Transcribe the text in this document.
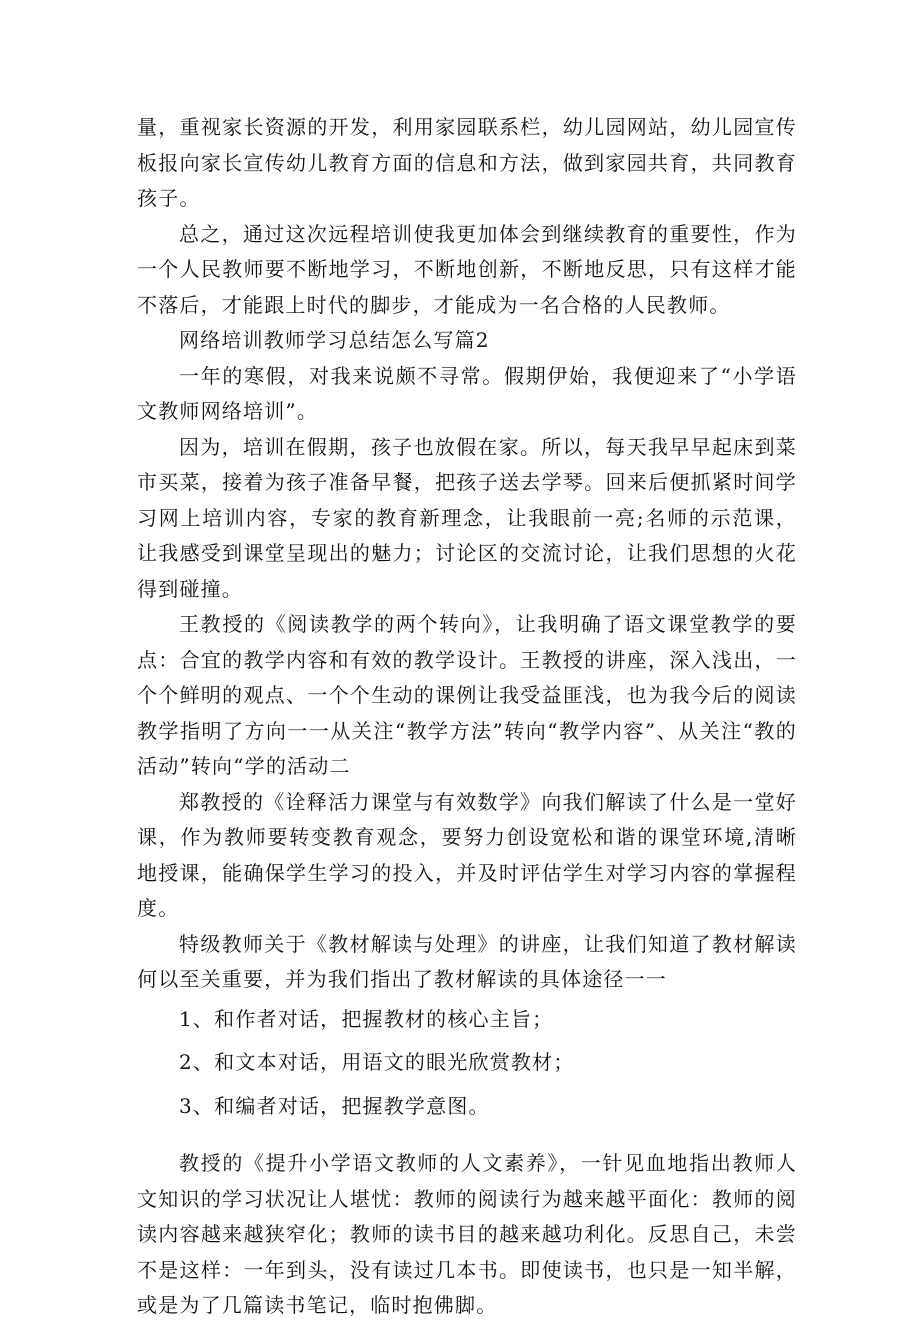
量，重视家长资源的开发，利用家园联系栏，幼儿园网站，幼儿园宣传板报向家长宣传幼儿教育方面的信息和方法，做到家园共育，共同教育孩子。

总之，通过这次远程培训使我更加体会到继续教育的重要性，作为一个人民教师要不断地学习，不断地创新，不断地反思，只有这样才能不落后，才能跟上时代的脚步，才能成为一名合格的人民教师。

网络培训教师学习总结怎么写篇2

一年的寒假，对我来说颇不寻常。假期伊始，我便迎来了“小学语文教师网络培训”。

因为，培训在假期，孩子也放假在家。所以，每天我早早起床到菜市买菜，接着为孩子准备早餐，把孩子送去学琴。回来后便抓紧时间学习网上培训内容，专家的教育新理念，让我眼前一亮;名师的示范课，让我感受到课堂呈现出的魅力；讨论区的交流讨论，让我们思想的火花得到碰撞。

王教授的《阅读教学的两个转向》，让我明确了语文课堂教学的要点：合宜的教学内容和有效的教学设计。王教授的讲座，深入浅出，一个个鲜明的观点、一个个生动的课例让我受益匪浅，也为我今后的阅读教学指明了方向一一从关注“教学方法”转向“教学内容”、从关注“教的活动”转向“学的活动二

郑教授的《诠释活力课堂与有效数学》向我们解读了什么是一堂好课，作为教师要转变教育观念，要努力创设宽松和谐的课堂环境,清晰地授课，能确保学生学习的投入，并及时评估学生对学习内容的掌握程度。

特级教师关于《教材解读与处理》的讲座，让我们知道了教材解读何以至关重要，并为我们指出了教材解读的具体途径一一

1、和作者对话，把握教材的核心主旨；

2、和文本对话，用语文的眼光欣赏教材；

3、和编者对话，把握教学意图。

教授的《提升小学语文教师的人文素养》，一针见血地指出教师人文知识的学习状况让人堪忧：教师的阅读行为越来越平面化：教师的阅读内容越来越狭窄化；教师的读书目的越来越功利化。反思自己，未尝不是这样：一年到头，没有读过几本书。即使读书，也只是一知半解，或是为了几篇读书笔记，临时抱佛脚。
